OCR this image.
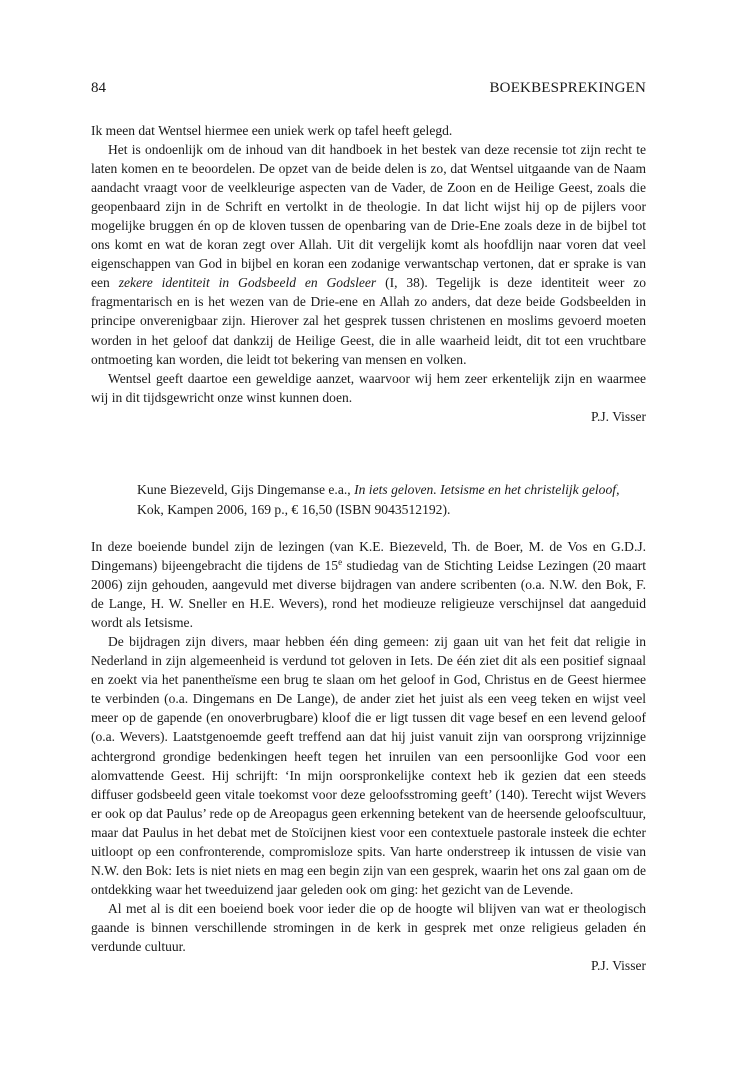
84	BOEKBESPREKINGEN

Ik meen dat Wentsel hiermee een uniek werk op tafel heeft gelegd.

Het is ondoenlijk om de inhoud van dit handboek in het bestek van deze recensie tot zijn recht te laten komen en te beoordelen. De opzet van de beide delen is zo, dat Wentsel uitgaande van de Naam aandacht vraagt voor de veelkleurige aspecten van de Vader, de Zoon en de Heilige Geest, zoals die geopenbaard zijn in de Schrift en vertolkt in de theologie. In dat licht wijst hij op de pijlers voor mogelijke bruggen én op de kloven tussen de openbaring van de Drie-Ene zoals deze in de bijbel tot ons komt en wat de koran zegt over Allah. Uit dit vergelijk komt als hoofdlijn naar voren dat veel eigenschappen van God in bijbel en koran een zodanige verwantschap vertonen, dat er sprake is van een zekere identiteit in Godsbeeld en Godsleer (I, 38). Tegelijk is deze identiteit weer zo fragmentarisch en is het wezen van de Drie-ene en Allah zo anders, dat deze beide Godsbeelden in principe onverenigbaar zijn. Hierover zal het gesprek tussen christenen en moslims gevoerd moeten worden in het geloof dat dankzij de Heilige Geest, die in alle waarheid leidt, dit tot een vruchtbare ontmoeting kan worden, die leidt tot bekering van mensen en volken.

Wentsel geeft daartoe een geweldige aanzet, waarvoor wij hem zeer erkentelijk zijn en waarmee wij in dit tijdsgewricht onze winst kunnen doen.

P.J. Visser

Kune Biezeveld, Gijs Dingemanse e.a., In iets geloven. Ietsisme en het christelijk geloof, Kok, Kampen 2006, 169 p., € 16,50 (ISBN 9043512192).

In deze boeiende bundel zijn de lezingen (van K.E. Biezeveld, Th. de Boer, M. de Vos en G.D.J. Dingemans) bijeengebracht die tijdens de 15e studiedag van de Stichting Leidse Lezingen (20 maart 2006) zijn gehouden, aangevuld met diverse bijdragen van andere scribenten (o.a. N.W. den Bok, F. de Lange, H. W. Sneller en H.E. Wevers), rond het modieuze religieuze verschijnsel dat aangeduid wordt als Ietsisme.

De bijdragen zijn divers, maar hebben één ding gemeen: zij gaan uit van het feit dat religie in Nederland in zijn algemeenheid is verdund tot geloven in Iets. De één ziet dit als een positief signaal en zoekt via het panentheïsme een brug te slaan om het geloof in God, Christus en de Geest hiermee te verbinden (o.a. Dingemans en De Lange), de ander ziet het juist als een veeg teken en wijst veel meer op de gapende (en onoverbrugbare) kloof die er ligt tussen dit vage besef en een levend geloof (o.a. Wevers). Laatstgenoemde geeft treffend aan dat hij juist vanuit zijn van oorsprong vrijzinnige achtergrond grondige bedenkingen heeft tegen het inruilen van een persoonlijke God voor een alomvattende Geest. Hij schrijft: ‘In mijn oorspronkelijke context heb ik gezien dat een steeds diffuser godsbeeld geen vitale toekomst voor deze geloofsstroming geeft’ (140). Terecht wijst Wevers er ook op dat Paulus’ rede op de Areopagus geen erkenning betekent van de heersende geloofscultuur, maar dat Paulus in het debat met de Stoïcijnen kiest voor een contextuele pastorale insteek die echter uitloopt op een confronterende, compromisloze spits. Van harte onderstreep ik intussen de visie van N.W. den Bok: Iets is niet niets en mag een begin zijn van een gesprek, waarin het ons zal gaan om de ontdekking waar het tweeduizend jaar geleden ook om ging: het gezicht van de Levende.

Al met al is dit een boeiend boek voor ieder die op de hoogte wil blijven van wat er theologisch gaande is binnen verschillende stromingen in de kerk in gesprek met onze religieus geladen én verdunde cultuur.

P.J. Visser
